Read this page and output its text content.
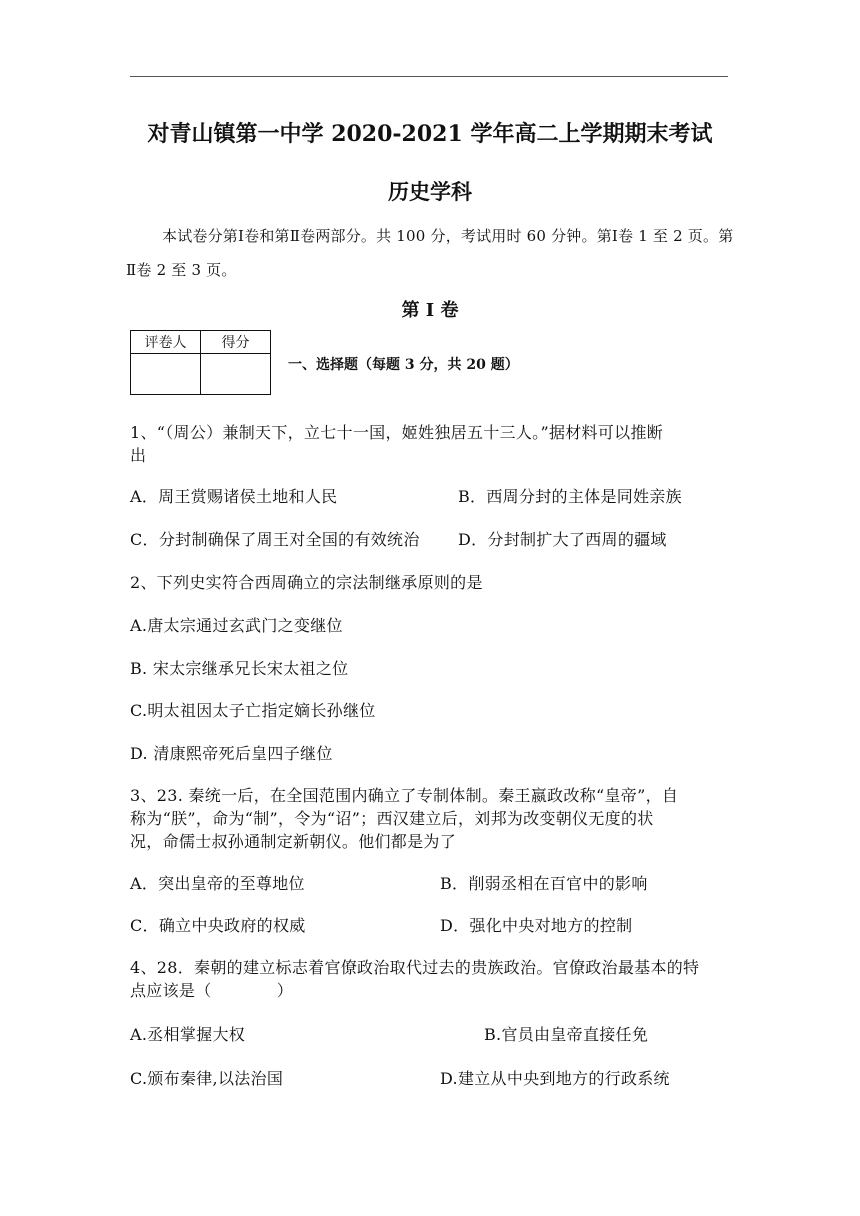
对青山镇第一中学 2020-2021 学年高二上学期期末考试
历史学科
本试卷分第Ⅰ卷和第Ⅱ卷两部分。共 100 分，考试用时 60 分钟。第Ⅰ卷 1 至 2 页。第
Ⅱ卷 2 至 3 页。
第 Ⅰ 卷
评卷人	得分

一、选择题（每题 3 分，共 20 题）
1、“（周公）兼制天下，立七十一国，姬姓独居五十三人。”据材料可以推断
出
A．周王赏赐诸侯土地和人民	B．西周分封的主体是同姓亲族
C．分封制确保了周王对全国的有效统治 D．分封制扩大了西周的疆域
2、下列史实符合西周确立的宗法制继承原则的是
A.唐太宗通过玄武门之变继位
B. 宋太宗继承兄长宋太祖之位
C.明太祖因太子亡指定嫡长孙继位
D. 清康熙帝死后皇四子继位
3、23. 秦统一后，在全国范围内确立了专制体制。秦王嬴政改称“皇帝”，自
称为“朕”，命为“制”，令为“诏”；西汉建立后，刘邦为改变朝仪无度的状
况，命儒士叔孙通制定新朝仪。他们都是为了
A．突出皇帝的至尊地位	B．削弱丞相在百官中的影响
C．确立中央政府的权威	D．强化中央对地方的控制
4、28．秦朝的建立标志着官僚政治取代过去的贵族政治。官僚政治最基本的特
点应该是（　　　　）
A.丞相掌握大权	B.官员由皇帝直接任免
C.颁布秦律,以法治国	D.建立从中央到地方的行政系统
